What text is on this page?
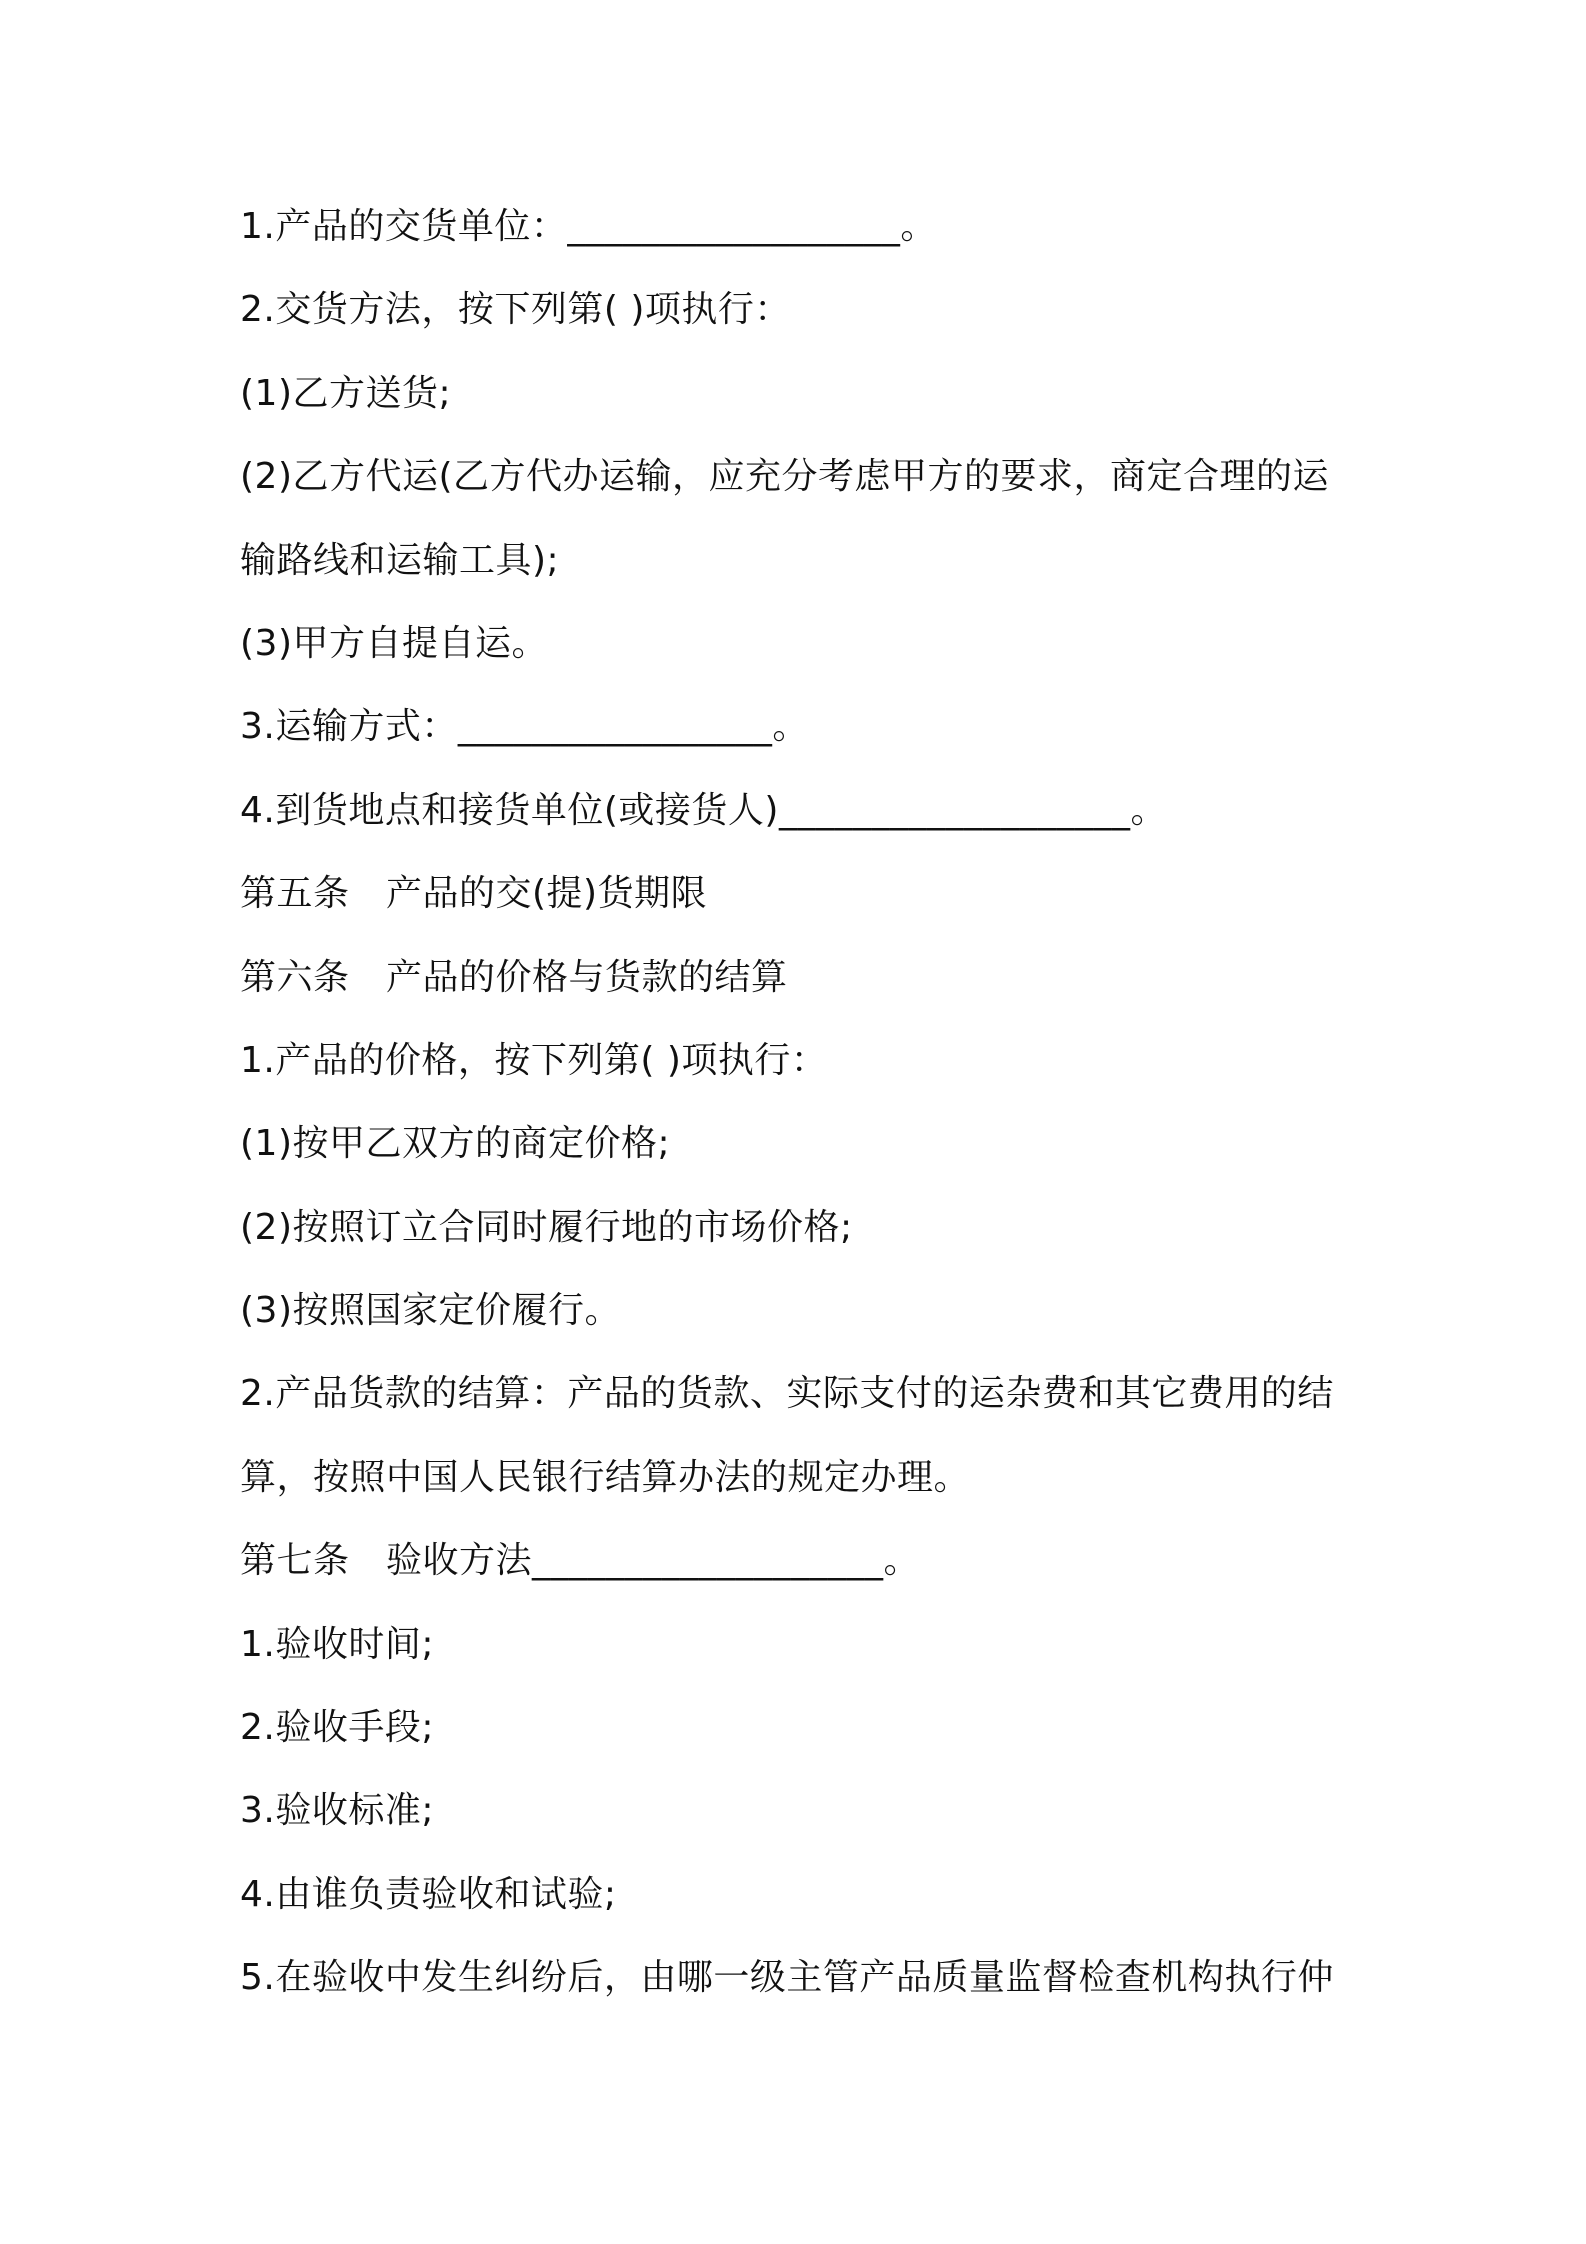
1.产品的交货单位：__________________。
2.交货方法，按下列第( )项执行：
(1)乙方送货;
(2)乙方代运(乙方代办运输，应充分考虑甲方的要求，商定合理的运
输路线和运输工具);
(3)甲方自提自运。
3.运输方式：_________________。
4.到货地点和接货单位(或接货人)___________________。
第五条　产品的交(提)货期限
第六条　产品的价格与货款的结算
1.产品的价格，按下列第( )项执行：
(1)按甲乙双方的商定价格;
(2)按照订立合同时履行地的市场价格;
(3)按照国家定价履行。
2.产品货款的结算：产品的货款、实际支付的运杂费和其它费用的结
算，按照中国人民银行结算办法的规定办理。
第七条　验收方法___________________。
1.验收时间;
2.验收手段;
3.验收标准;
4.由谁负责验收和试验;
5.在验收中发生纠纷后，由哪一级主管产品质量监督检查机构执行仲
